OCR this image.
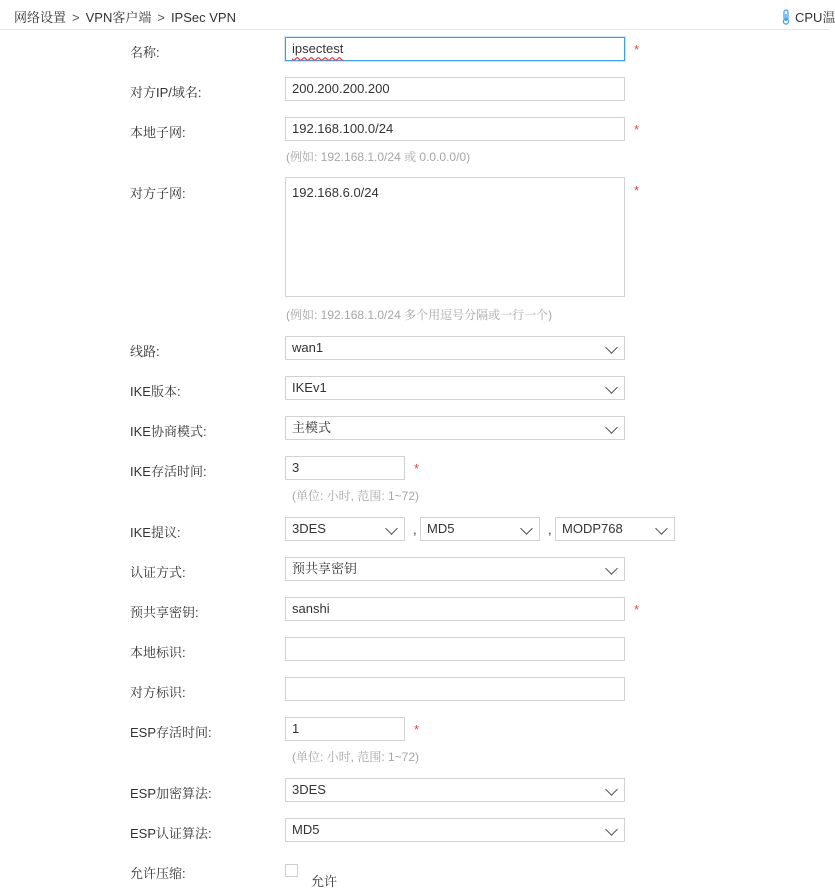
网络设置 > VPN客户端 > IPSec VPN	CPU温
名称:	ipsectest	*
对方IP/域名:	200.200.200.200
本地子网:	192.168.100.0/24	*
(例如: 192.168.1.0/24 或 0.0.0.0/0)
对方子网:	192.168.6.0/24	*
(例如: 192.168.1.0/24 多个用逗号分隔或一行一个)
线路:	wan1
IKE版本:	IKEv1
IKE协商模式:	主模式
IKE存活时间:	3	*
(单位: 小时, 范围: 1~72)
IKE提议:	3DES	, MD5	, MODP768
认证方式:	预共享密钥
预共享密钥:	sanshi	*
本地标识:
对方标识:
ESP存活时间:	1	*
(单位: 小时, 范围: 1~72)
ESP加密算法:	3DES
ESP认证算法:	MD5
允许压缩:
允许
